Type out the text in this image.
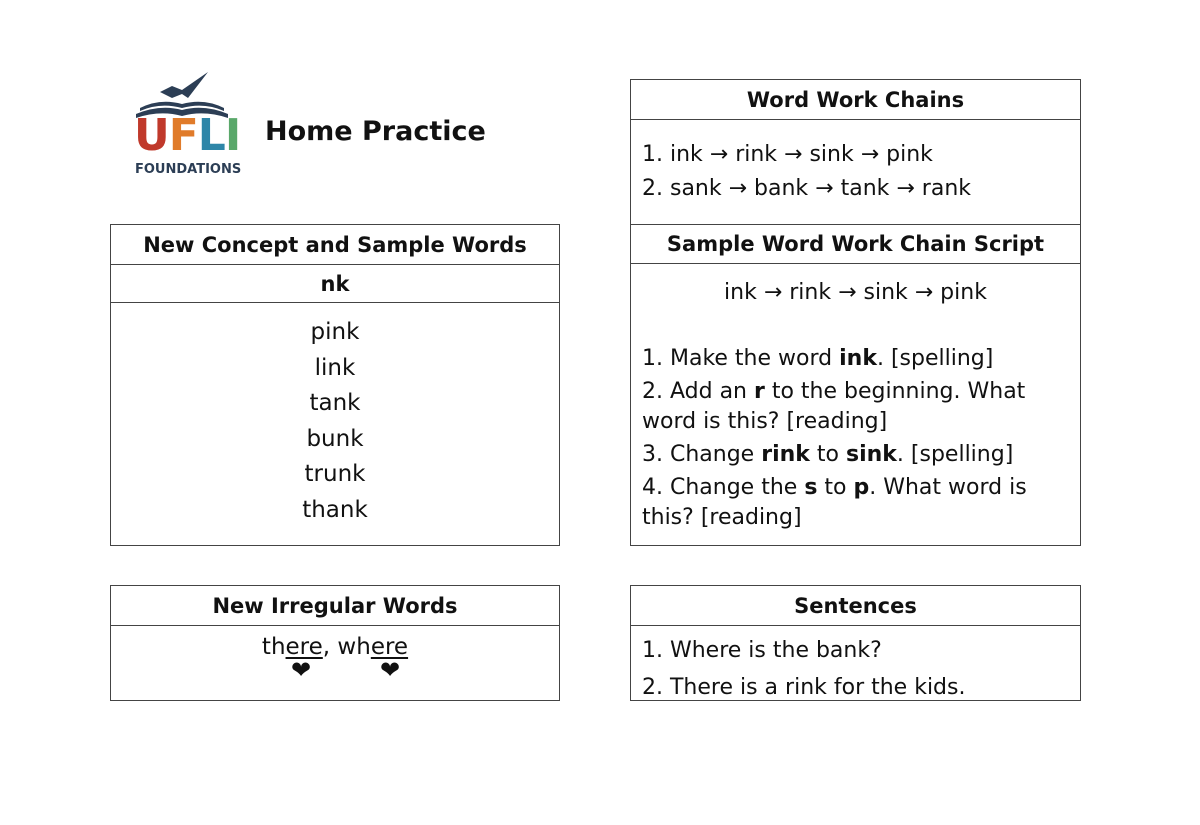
UFLI
FOUNDATIONS
Home Practice
New Concept and Sample Words
nk
pink
link
tank
bunk
trunk
thank
New Irregular Words
there, where
❤	❤
Word Work Chains
1. ink → rink → sink → pink
2. sank → bank → tank → rank
Sample Word Work Chain Script
ink → rink → sink → pink
1. Make the word ink. [spelling]
2. Add an r to the beginning. What word is this? [reading]
3. Change rink to sink. [spelling]
4. Change the s to p. What word is this? [reading]
Sentences
1. Where is the bank?
2. There is a rink for the kids.
